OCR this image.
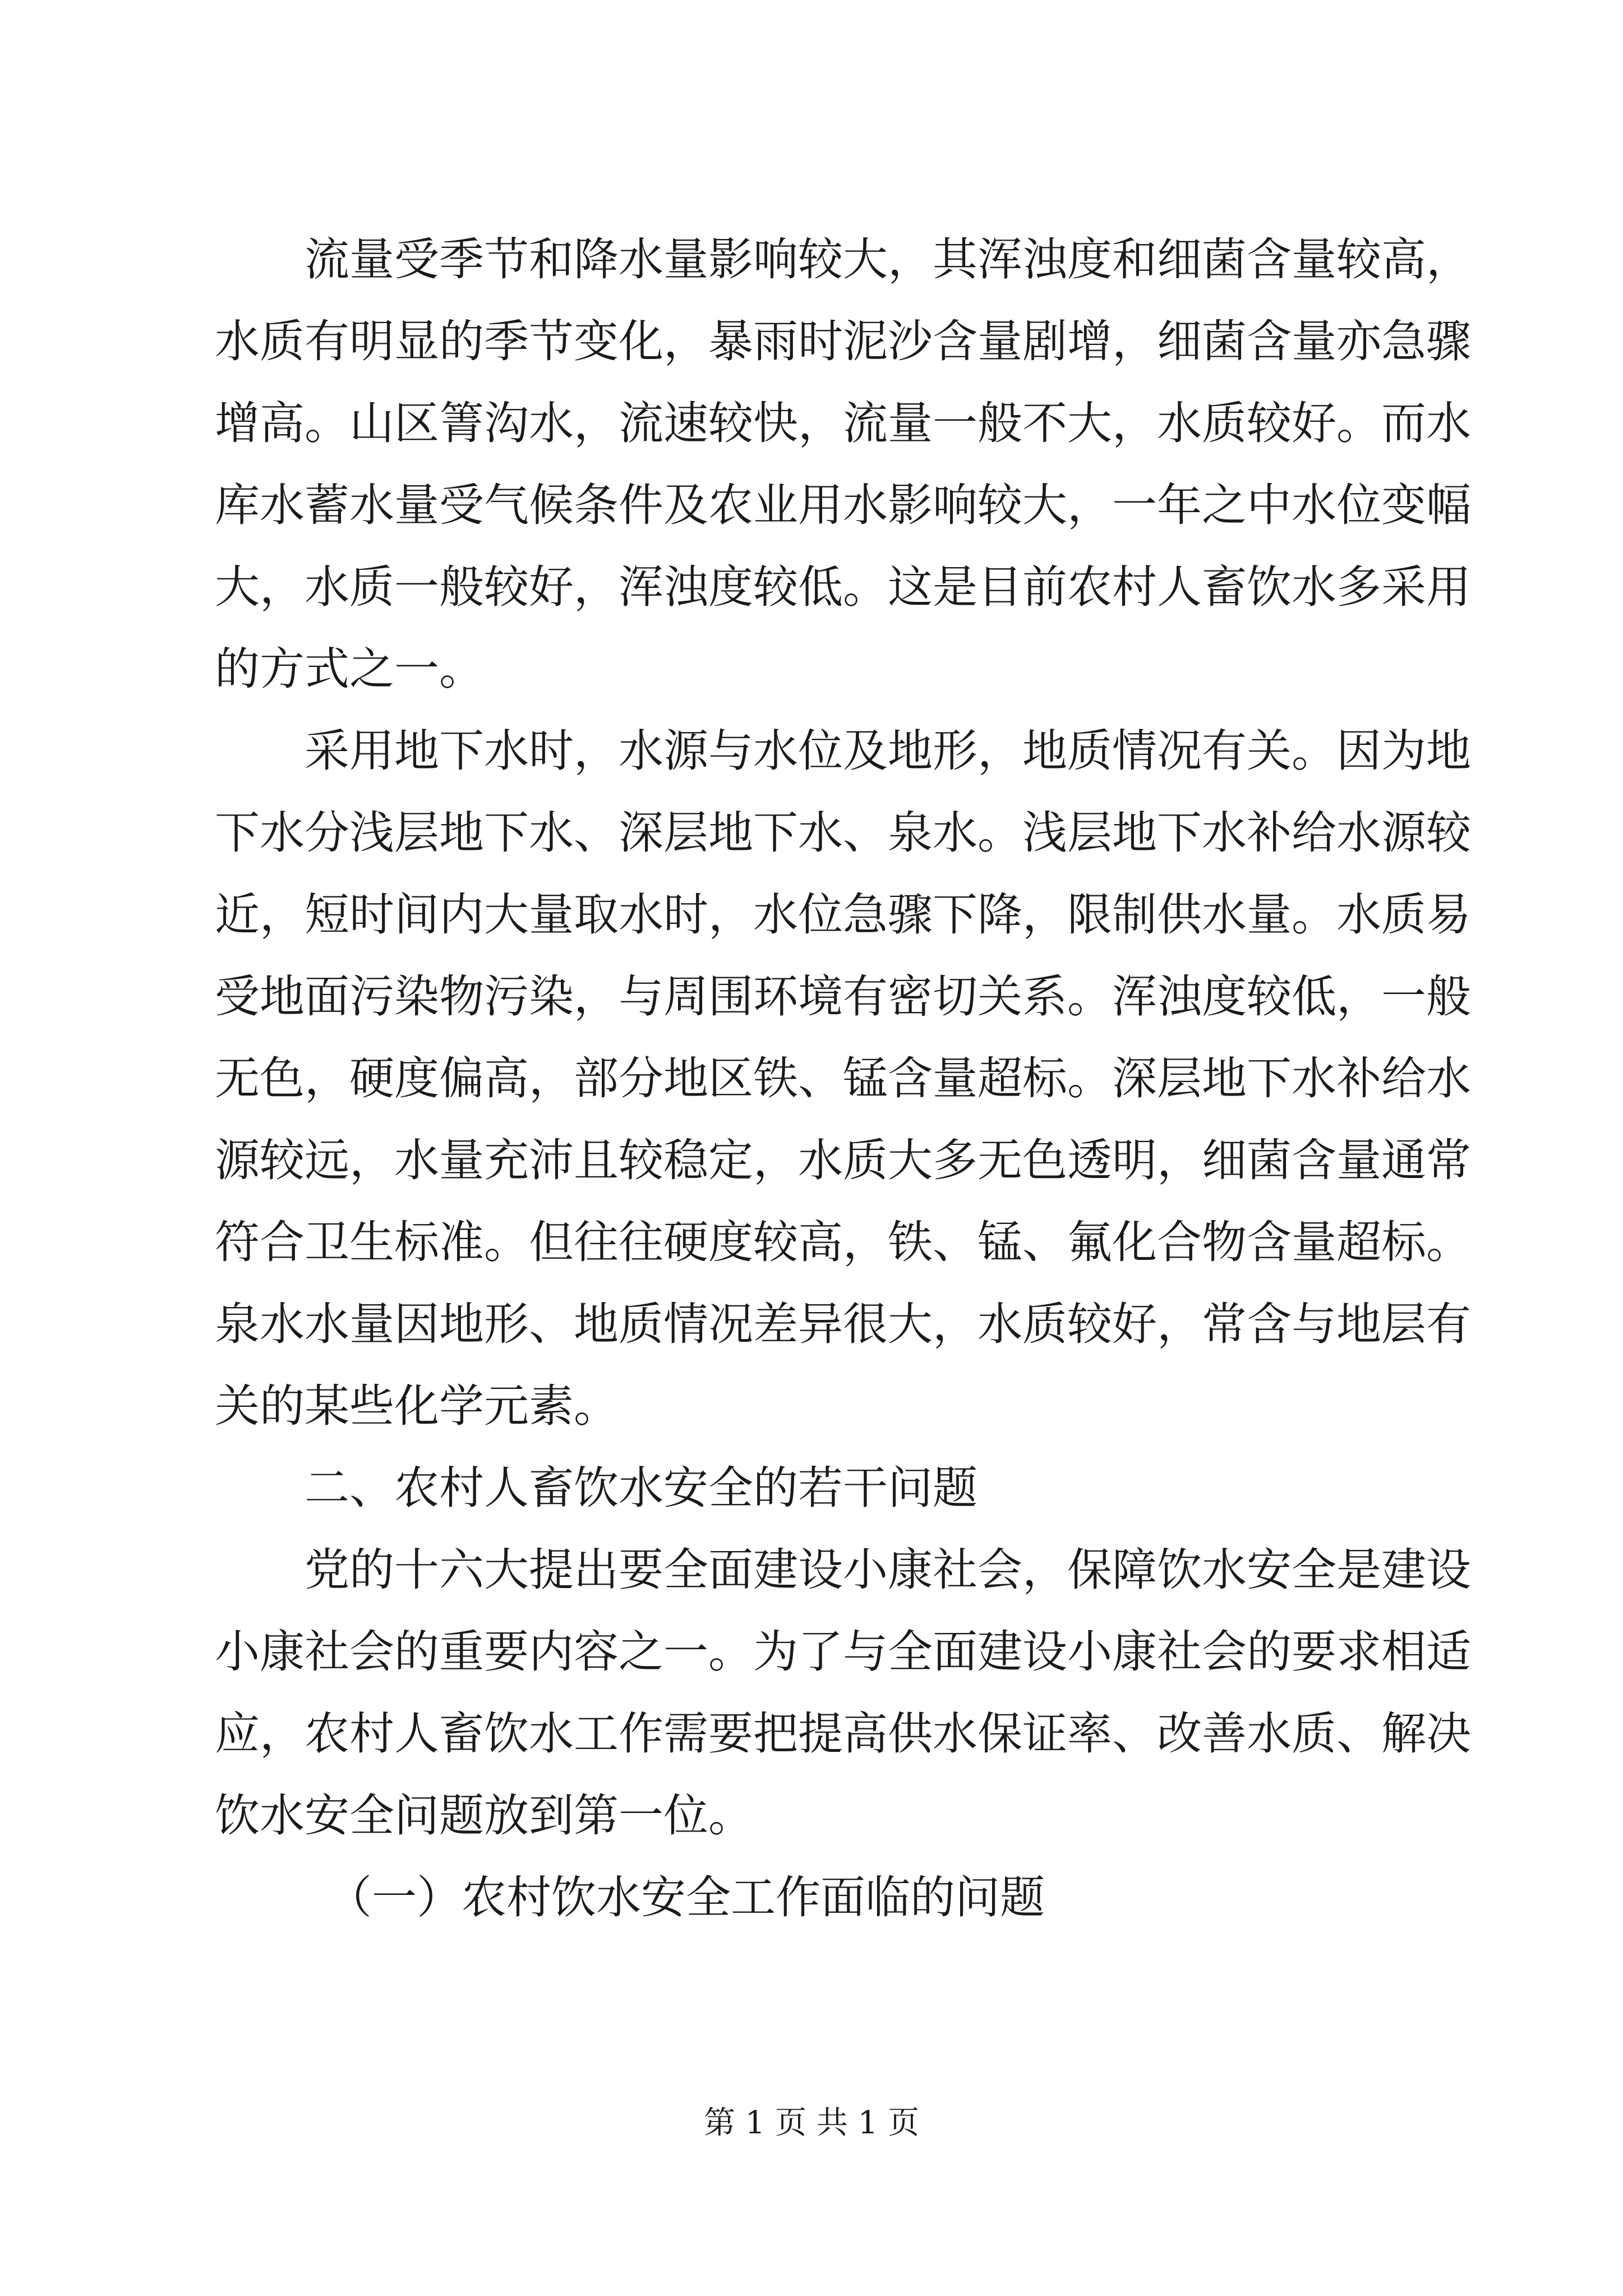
流量受季节和降水量影响较大，其浑浊度和细菌含量较高，
水质有明显的季节变化，暴雨时泥沙含量剧增，细菌含量亦急骤
增高。山区箐沟水，流速较快，流量一般不大，水质较好。而水
库水蓄水量受气候条件及农业用水影响较大，一年之中水位变幅
大，水质一般较好，浑浊度较低。这是目前农村人畜饮水多采用
的方式之一。
采用地下水时，水源与水位及地形，地质情况有关。因为地
下水分浅层地下水、深层地下水、泉水。浅层地下水补给水源较
近，短时间内大量取水时，水位急骤下降，限制供水量。水质易
受地面污染物污染，与周围环境有密切关系。浑浊度较低，一般
无色，硬度偏高，部分地区铁、锰含量超标。深层地下水补给水
源较远，水量充沛且较稳定，水质大多无色透明，细菌含量通常
符合卫生标准。但往往硬度较高，铁、锰、氟化合物含量超标。
泉水水量因地形、地质情况差异很大，水质较好，常含与地层有
关的某些化学元素。
二、农村人畜饮水安全的若干问题
党的十六大提出要全面建设小康社会，保障饮水安全是建设
小康社会的重要内容之一。为了与全面建设小康社会的要求相适
应，农村人畜饮水工作需要把提高供水保证率、改善水质、解决
饮水安全问题放到第一位。
（一）农村饮水安全工作面临的问题
第 1 页 共 1 页
